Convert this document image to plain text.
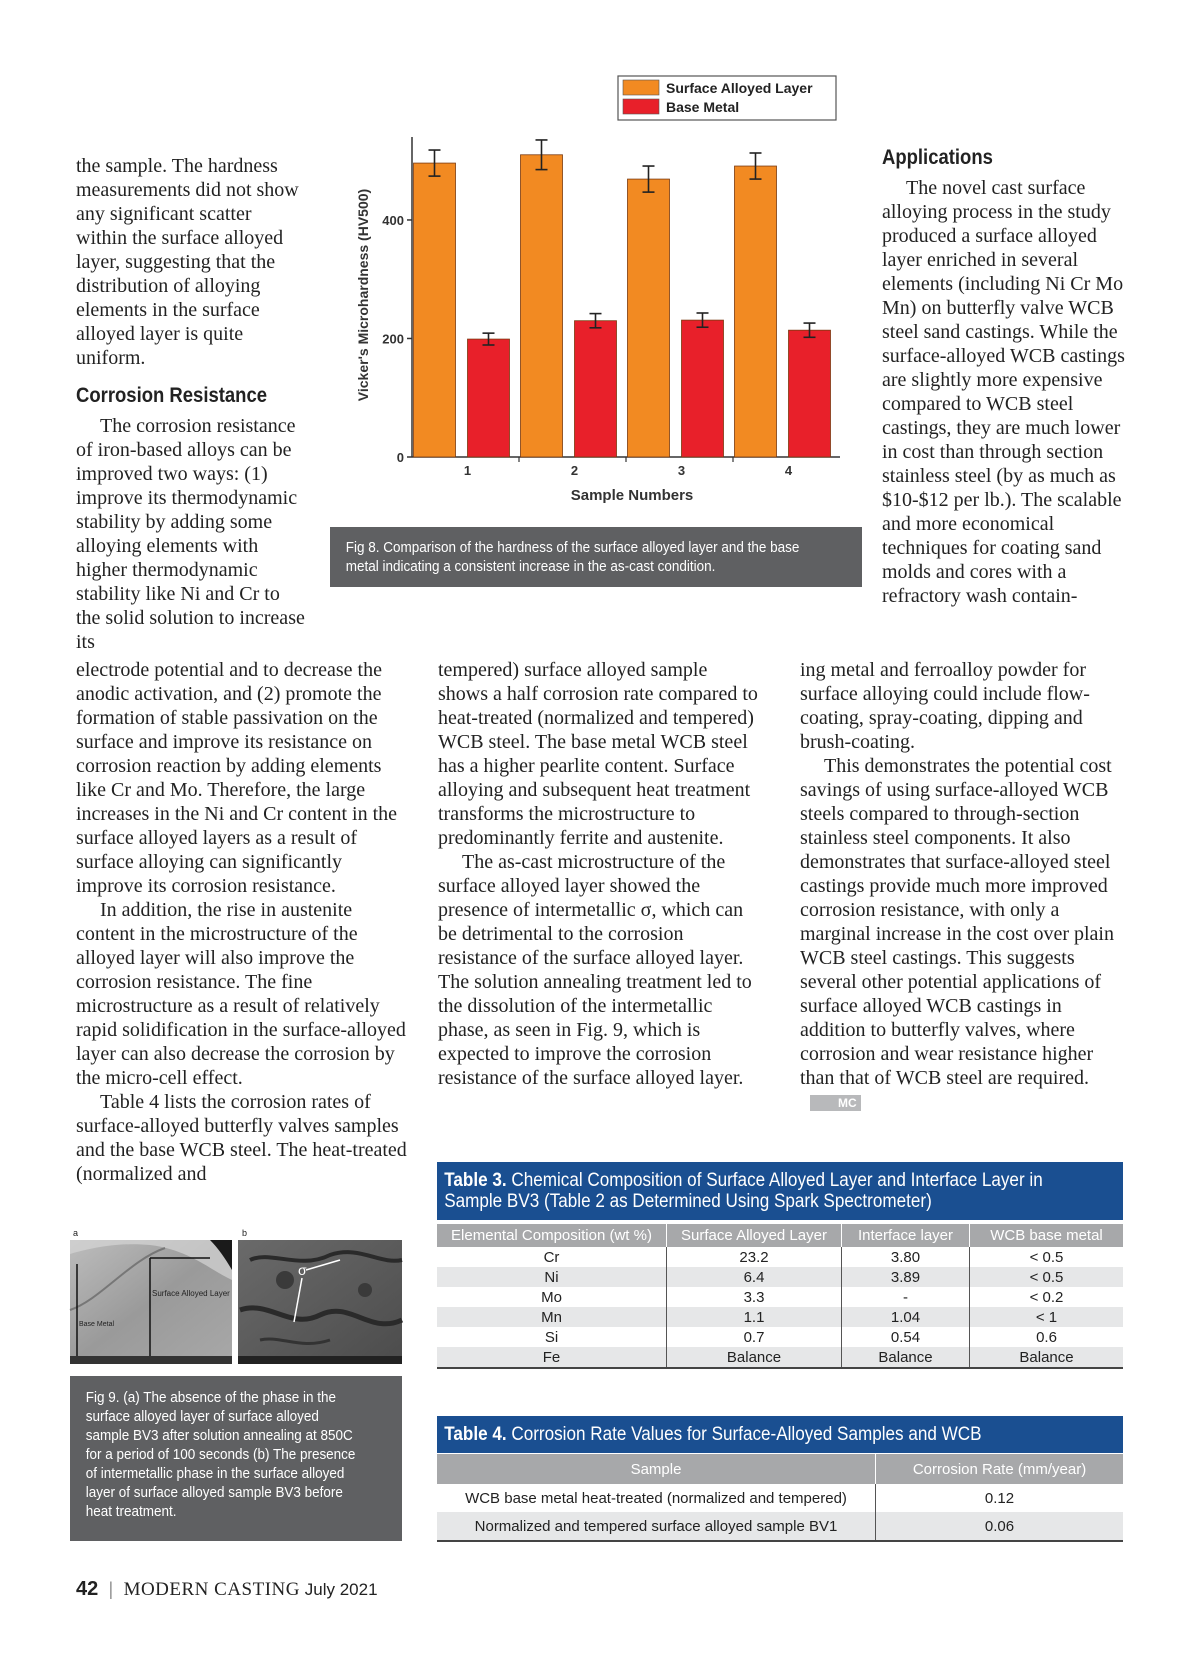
the sample. The hardness measurements did not show any significant scatter within the surface alloyed layer, suggesting that the distribution of alloying elements in the surface alloyed layer is quite uniform.

Corrosion Resistance

The corrosion resistance of iron-based alloys can be improved two ways: (1) improve its thermodynamic stability by adding some alloying elements with higher thermodynamic stability like Ni and Cr to the solid solution to increase its

electrode potential and to decrease the anodic activation, and (2) promote the formation of stable passivation on the surface and improve its resistance on corrosion reaction by adding elements like Cr and Mo. Therefore, the large increases in the Ni and Cr content in the surface alloyed layers as a result of surface alloying can significantly improve its corrosion resistance.

In addition, the rise in austenite content in the microstructure of the alloyed layer will also improve the corrosion resistance. The fine microstructure as a result of relatively rapid solidification in the surface-alloyed layer can also decrease the corrosion by the micro-cell effect.

Table 4 lists the corrosion rates of surface-alloyed butterfly valves samples and the base WCB steel. The heat-treated (normalized and

tempered) surface alloyed sample shows a half corrosion rate compared to heat-treated (normalized and tempered) WCB steel. The base metal WCB steel has a higher pearlite content. Surface alloying and subsequent heat treatment transforms the microstructure to predominantly ferrite and austenite.

The as-cast microstructure of the surface alloyed layer showed the presence of intermetallic σ, which can be detrimental to the corrosion resistance of the surface alloyed layer. The solution annealing treatment led to the dissolution of the intermetallic phase, as seen in Fig. 9, which is expected to improve the corrosion resistance of the surface alloyed layer.

Applications

The novel cast surface alloying process in the study produced a surface alloyed layer enriched in several elements (including Ni Cr Mo Mn) on butterfly valve WCB steel sand castings. While the surface-alloyed WCB castings are slightly more expensive compared to WCB steel castings, they are much lower in cost than through section stainless steel (by as much as $10-$12 per lb.). The scalable and more economical techniques for coating sand molds and cores with a refractory wash contain-

ing metal and ferroalloy powder for surface alloying could include flow-coating, spray-coating, dipping and brush-coating.

This demonstrates the potential cost savings of using surface-alloyed WCB steels compared to through-section stainless steel components. It also demonstrates that surface-alloyed steel castings provide much more improved corrosion resistance, with only a marginal increase in the cost over plain WCB steel castings. This suggests several other potential applications of surface alloyed WCB castings in addition to butterfly valves, where corrosion and wear resistance higher than that of WCB steel are required.MC

0
200
400
1	2	3	4
Sample Numbers
Vicker's Microhardness (HV500)
Surface Alloyed Layer
Base Metal
Fig 8. Comparison of the hardness of the surface alloyed layer and the base metal indicating a consistent increase in the as-cast condition.
a
Surface Alloyed Layer
Base Metal
σ
b
Fig 9. (a) The absence of the phase in the surface alloyed layer of surface alloyed sample BV3 after solution annealing at 850C for a period of 100 seconds (b) The presence of intermetallic phase in the surface alloyed layer of surface alloyed sample BV3 before heat treatment.
Table 3. Chemical Composition of Surface Alloyed Layer and Interface Layer in
Sample BV3 (Table 2 as Determined Using Spark Spectrometer)
Elemental Composition (wt %)	Surface Alloyed Layer	Interface layer	WCB base metal
Cr	23.2	3.80	< 0.5
Ni	6.4	3.89	< 0.5
Mo	3.3	-	< 0.2
Mn	1.1	1.04	< 1
Si	0.7	0.54	0.6
Fe	Balance	Balance	Balance
Table 4. Corrosion Rate Values for Surface-Alloyed Samples and WCB
Sample	Corrosion Rate (mm/year)
WCB base metal heat-treated (normalized and tempered)	0.12
Normalized and tempered surface alloyed sample BV1	0.06
42 | MODERN CASTING July 2021
